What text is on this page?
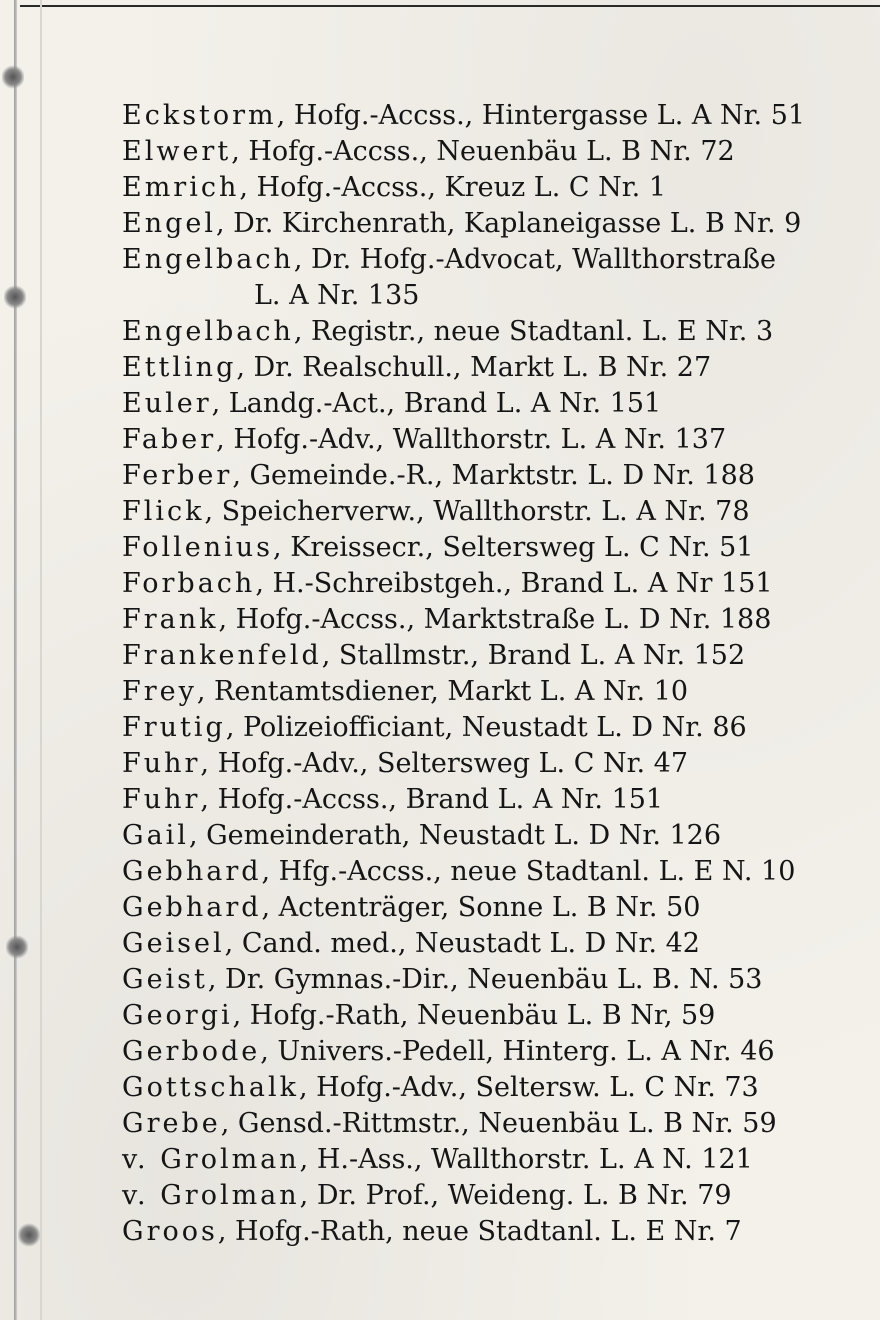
Eckstorm, Hofg.-Accss., Hintergasse L. A Nr. 51
Elwert, Hofg.-Accss., Neuenbäu L. B Nr. 72
Emrich, Hofg.-Accss., Kreuz L. C Nr. 1
Engel, Dr. Kirchenrath, Kaplaneigasse L. B Nr. 9
Engelbach, Dr. Hofg.-Advocat, Wallthorstraße
L. A Nr. 135
Engelbach, Registr., neue Stadtanl. L. E Nr. 3
Ettling, Dr. Realschull., Markt L. B Nr. 27
Euler, Landg.-Act., Brand L. A Nr. 151
Faber, Hofg.-Adv., Wallthorstr. L. A Nr. 137
Ferber, Gemeinde.-R., Marktstr. L. D Nr. 188
Flick, Speicherverw., Wallthorstr. L. A Nr. 78
Follenius, Kreissecr., Seltersweg L. C Nr. 51
Forbach, H.-Schreibstgeh., Brand L. A Nr 151
Frank, Hofg.-Accss., Marktstraße L. D Nr. 188
Frankenfeld, Stallmstr., Brand L. A Nr. 152
Frey, Rentamtsdiener, Markt L. A Nr. 10
Frutig, Polizeiofficiant, Neustadt L. D Nr. 86
Fuhr, Hofg.-Adv., Seltersweg L. C Nr. 47
Fuhr, Hofg.-Accss., Brand L. A Nr. 151
Gail, Gemeinderath, Neustadt L. D Nr. 126
Gebhard, Hfg.-Accss., neue Stadtanl. L. E N. 10
Gebhard, Actenträger, Sonne L. B Nr. 50
Geisel, Cand. med., Neustadt L. D Nr. 42
Geist, Dr. Gymnas.-Dir., Neuenbäu L. B. N. 53
Georgi, Hofg.-Rath, Neuenbäu L. B Nr, 59
Gerbode, Univers.-Pedell, Hinterg. L. A Nr. 46
Gottschalk, Hofg.-Adv., Seltersw. L. C Nr. 73
Grebe, Gensd.-Rittmstr., Neuenbäu L. B Nr. 59
v. Grolman, H.-Ass., Wallthorstr. L. A N. 121
v. Grolman, Dr. Prof., Weideng. L. B Nr. 79
Groos, Hofg.-Rath, neue Stadtanl. L. E Nr. 7
